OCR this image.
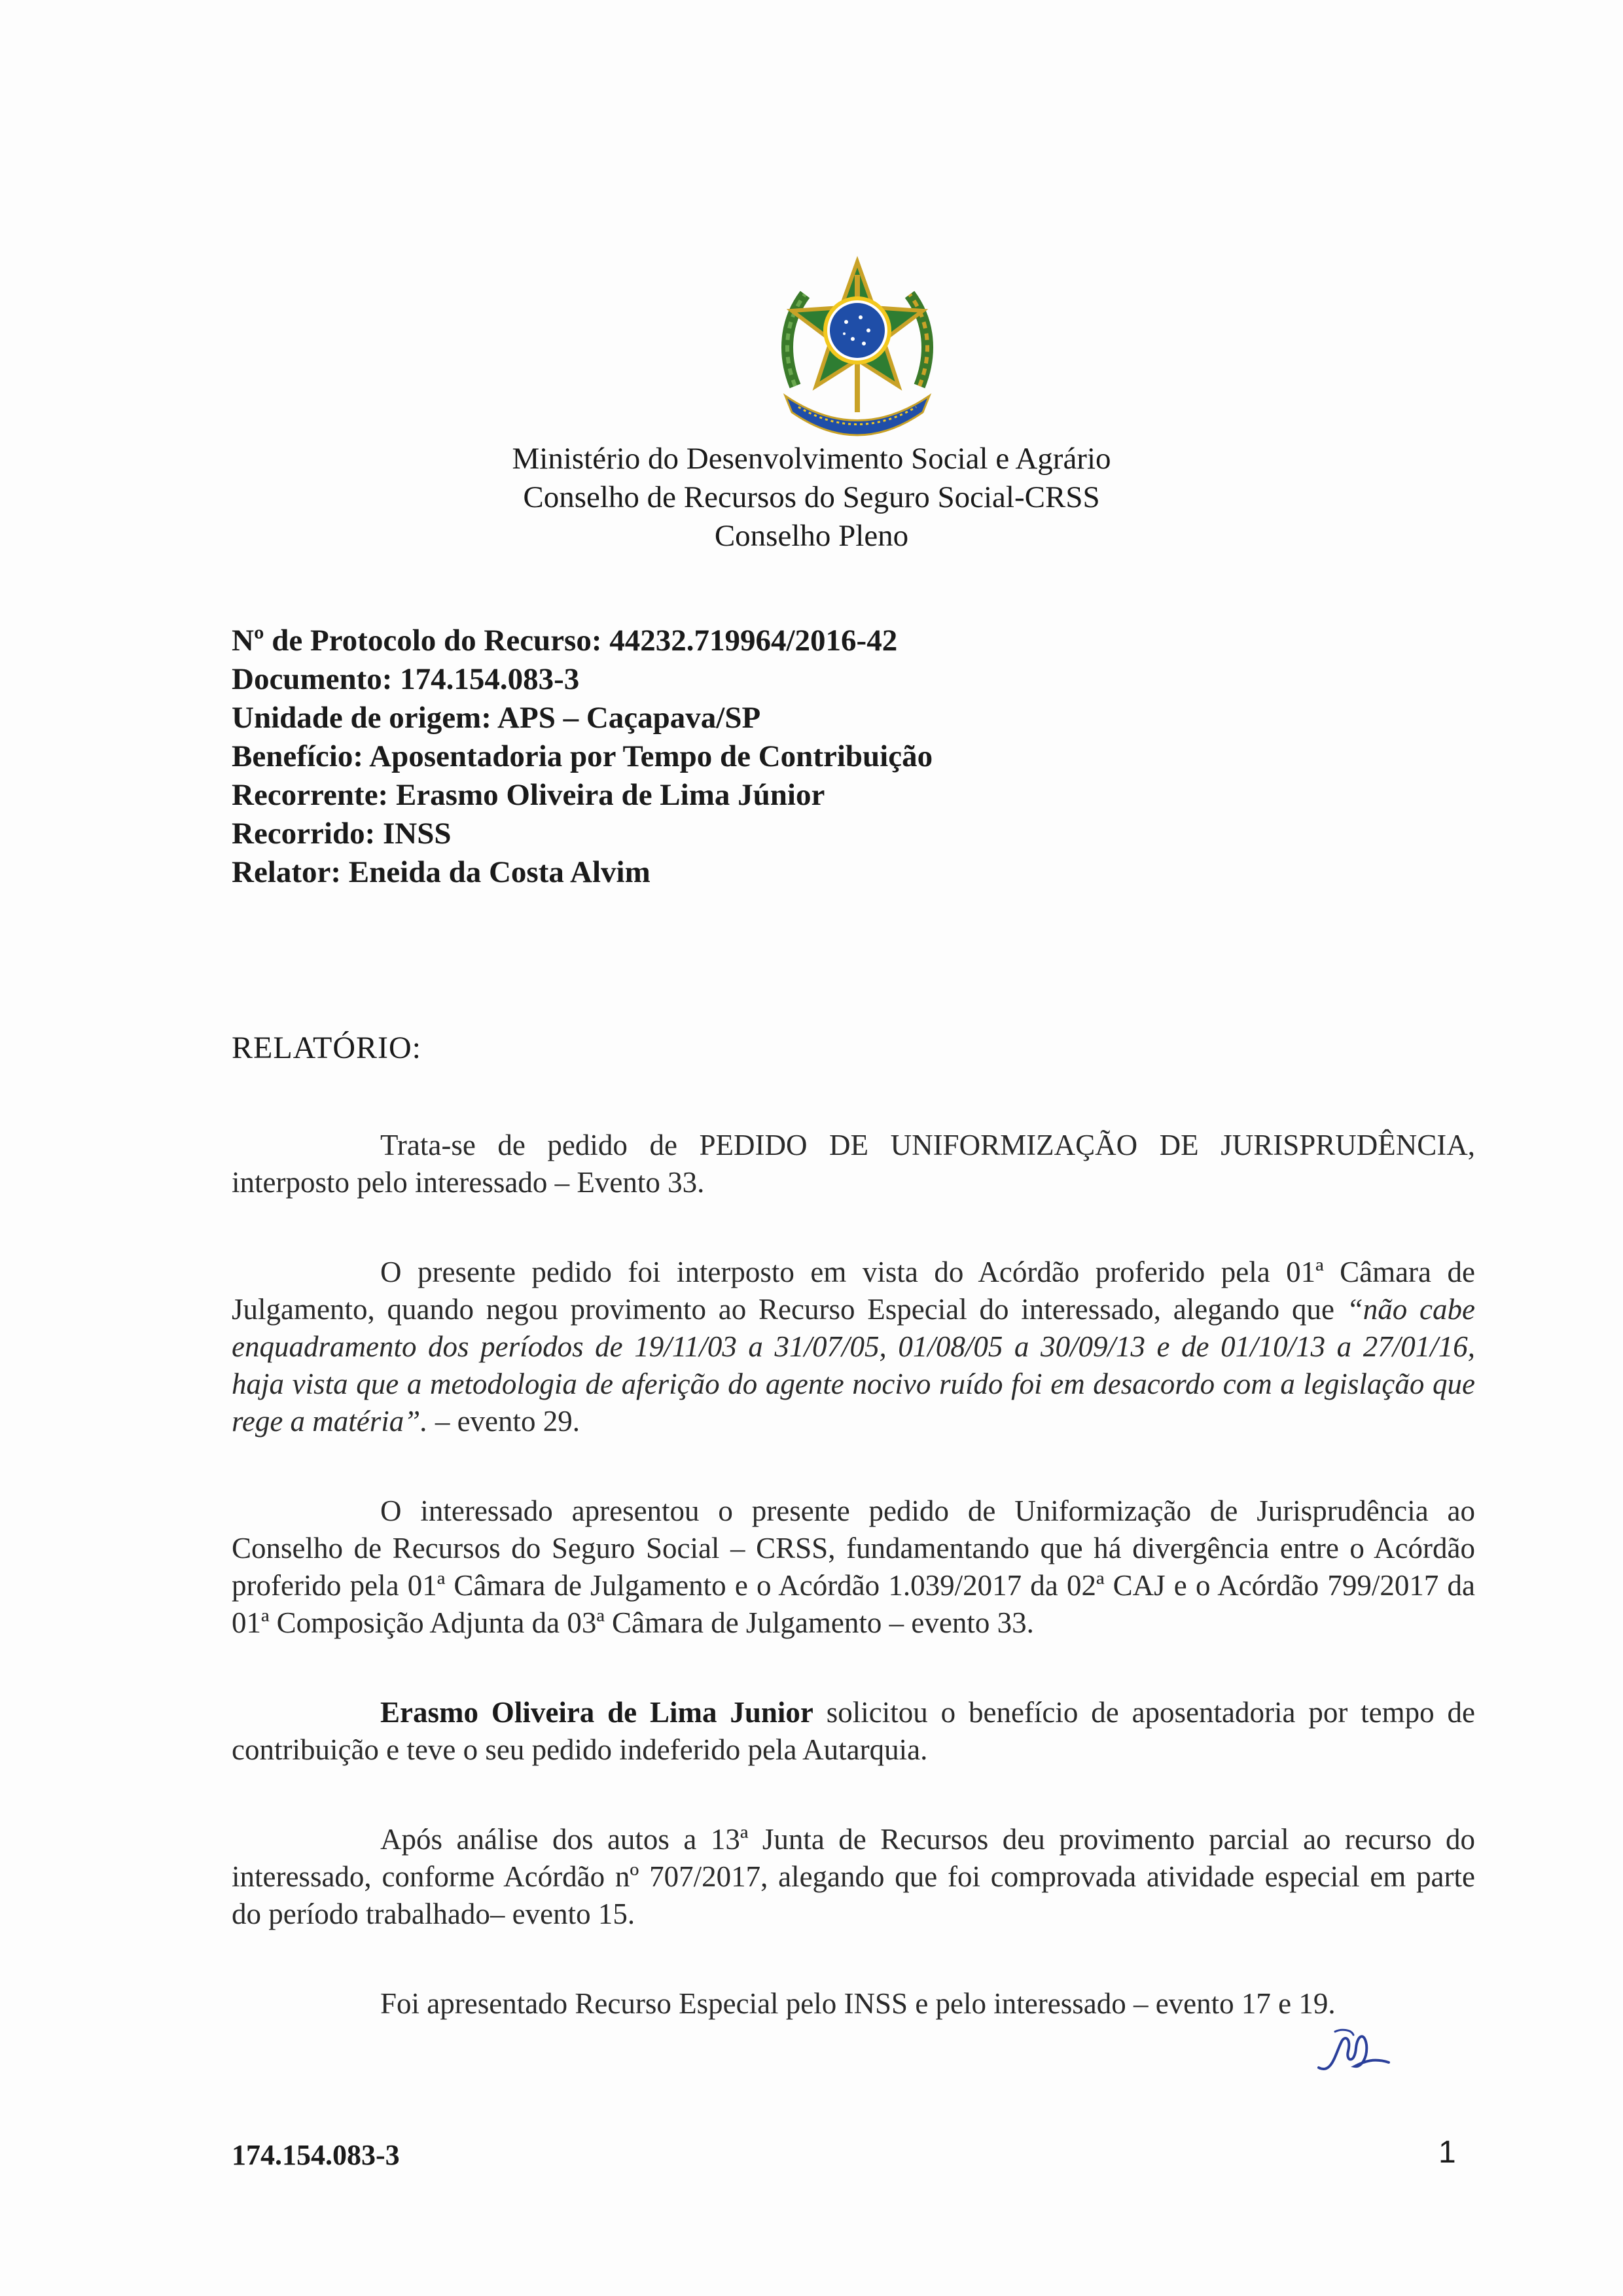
Ministério do Desenvolvimento Social e Agrário
Conselho de Recursos do Seguro Social-CRSS
Conselho Pleno
Nº de Protocolo do Recurso: 44232.719964/2016-42
Documento: 174.154.083-3
Unidade de origem: APS – Caçapava/SP
Benefício: Aposentadoria por Tempo de Contribuição
Recorrente: Erasmo Oliveira de Lima Júnior
Recorrido: INSS
Relator: Eneida da Costa Alvim
RELATÓRIO:

Trata-se de pedido de PEDIDO DE UNIFORMIZAÇÃO DE JURISPRUDÊNCIA, interposto pelo interessado – Evento 33.

O presente pedido foi interposto em vista do Acórdão proferido pela 01ª Câmara de Julgamento, quando negou provimento ao Recurso Especial do interessado, alegando que “não cabe enquadramento dos períodos de 19/11/03 a 31/07/05, 01/08/05 a 30/09/13 e de 01/10/13 a 27/01/16, haja vista que a metodologia de aferição do agente nocivo ruído foi em desacordo com a legislação que rege a matéria”. – evento 29.

O interessado apresentou o presente pedido de Uniformização de Jurisprudência ao Conselho de Recursos do Seguro Social – CRSS, fundamentando que há divergência entre o Acórdão proferido pela 01ª Câmara de Julgamento e o Acórdão 1.039/2017 da 02ª CAJ e o Acórdão 799/2017 da 01ª Composição Adjunta da 03ª Câmara de Julgamento – evento 33.

Erasmo Oliveira de Lima Junior solicitou o benefício de aposentadoria por tempo de contribuição e teve o seu pedido indeferido pela Autarquia.

Após análise dos autos a 13ª Junta de Recursos deu provimento parcial ao recurso do interessado, conforme Acórdão nº 707/2017, alegando que foi comprovada atividade especial em parte do período trabalhado– evento 15.

Foi apresentado Recurso Especial pelo INSS e pelo interessado – evento 17 e 19.

174.154.083-3	1
